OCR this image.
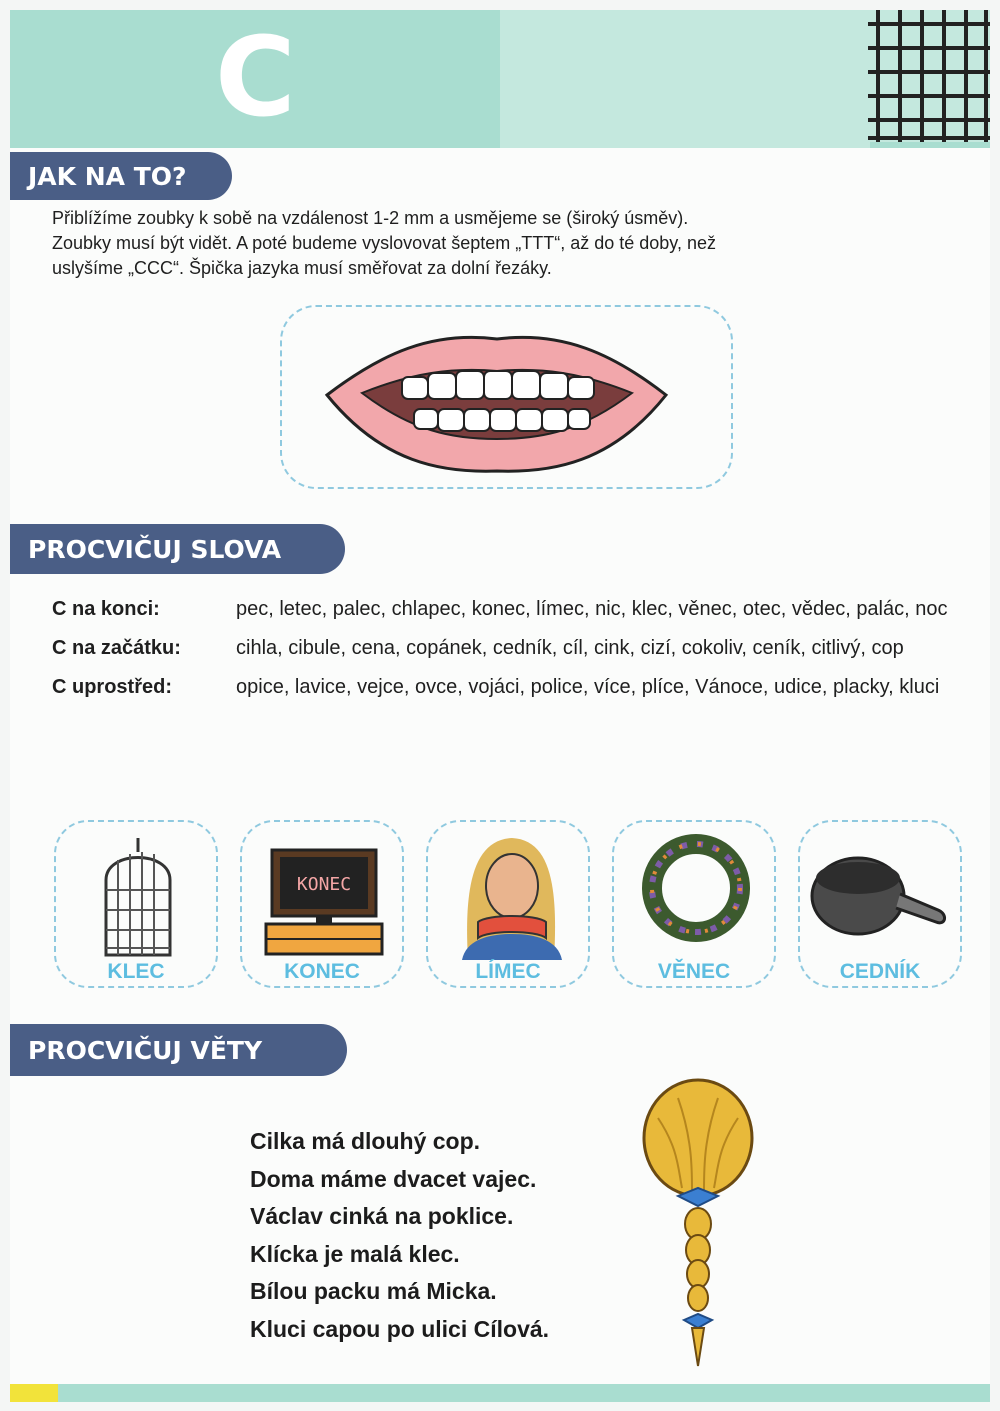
C
JAK NA TO?

Přiblížíme zoubky k sobě na vzdálenost 1-2 mm a usmějeme se (široký úsměv).

Zoubky musí být vidět. A poté budeme vyslovovat šeptem „TTT“, až do té doby, než

uslyšíme „CCC“. Špička jazyka musí směřovat za dolní řezáky.

PROCVIČUJ SLOVA
C na konci:	pec, letec, palec, chlapec, konec, límec, nic, klec, věnec, otec, vědec, palác, noc
C na začátku:	cihla, cibule, cena, copánek, cedník, cíl, cink, cizí, cokoliv, ceník, citlivý, cop
C uprostřed:	opice, lavice, vejce, ovce, vojáci, police, více, plíce, Vánoce, udice, placky, kluci
KLEC
KONEC
KONEC	LÍMEC	VĚNEC	CEDNÍK
PROCVIČUJ VĚTY
Cilka má dlouhý cop.
Doma máme dvacet vajec.
Václav cinká na poklice.
Klícka je malá klec.
Bílou packu má Micka.
Kluci capou po ulici Cílová.
